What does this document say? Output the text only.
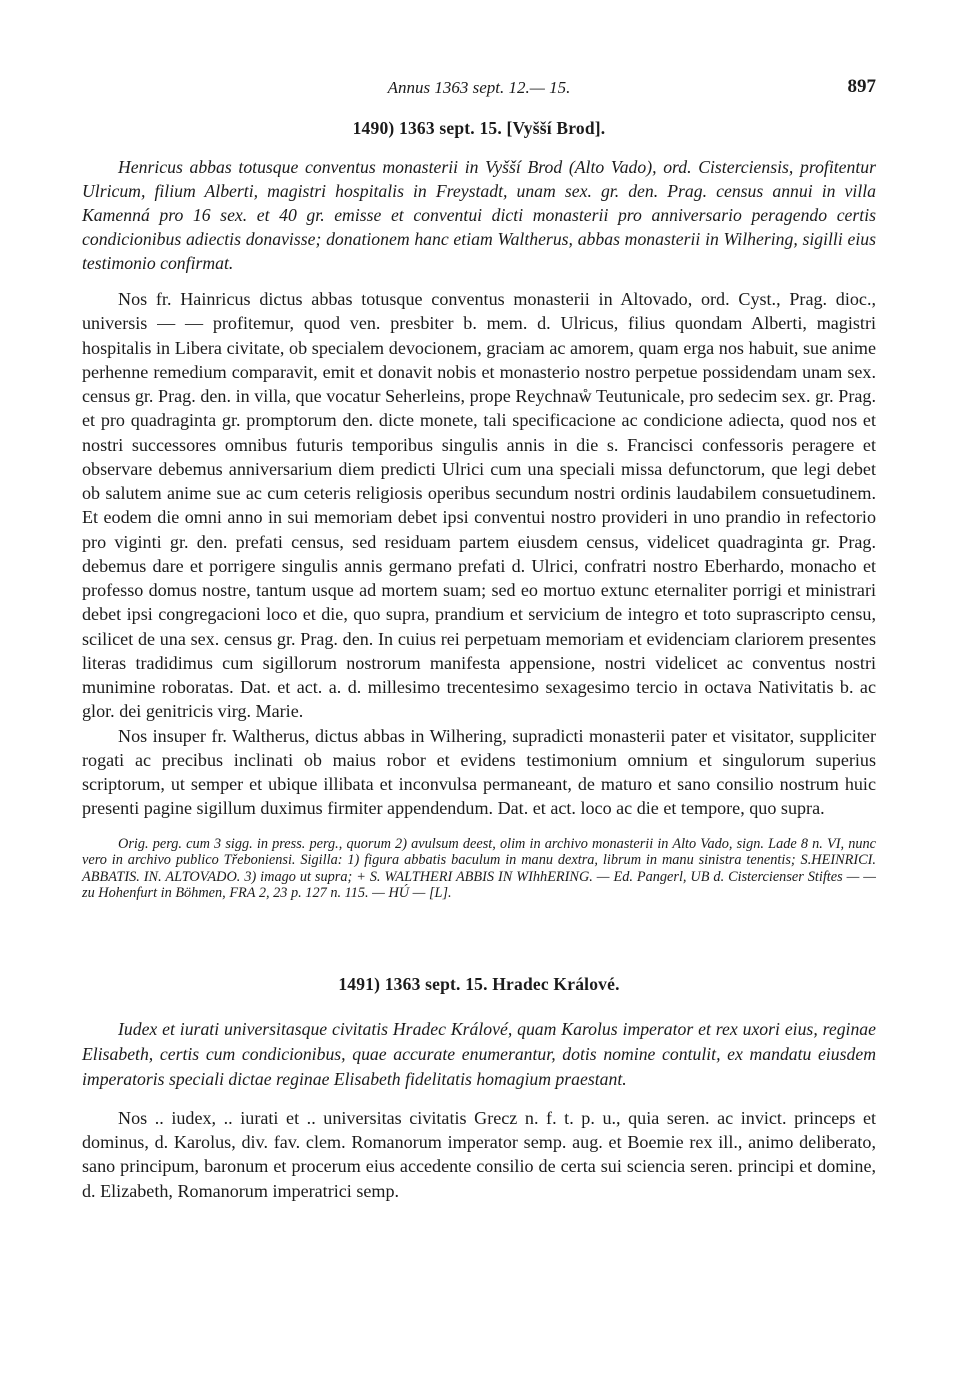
Annus 1363 sept. 12.— 15.	897
1490) 1363 sept. 15. [Vyšší Brod].

Henricus abbas totusque conventus monasterii in Vyšší Brod (Alto Vado), ord. Cisterciensis, profitentur Ulricum, filium Alberti, magistri hospitalis in Freystadt, unam sex. gr. den. Prag. census annui in villa Kamenná pro 16 sex. et 40 gr. emisse et conventui dicti monasterii pro anniversario peragendo certis condicionibus adiectis donavisse; donationem hanc etiam Waltherus, abbas monasterii in Wilhering, sigilli eius testimonio confirmat.

Nos fr. Hainricus dictus abbas totusque conventus monasterii in Altovado, ord. Cyst., Prag. dioc., universis — — profitemur, quod ven. presbiter b. mem. d. Ulricus, filius quondam Alberti, magistri hospitalis in Libera civitate, ob specialem devocionem, graciam ac amorem, quam erga nos habuit, sue anime perhenne remedium comparavit, emit et donavit nobis et monasterio nostro perpetue possidendam unam sex. census gr. Prag. den. in villa, que vocatur Seherleins, prope Reychnaẘ Teutunicale, pro sedecim sex. gr. Prag. et pro quadraginta gr. promptorum den. dicte monete, tali specificacione ac condicione adiecta, quod nos et nostri successores omnibus futuris temporibus singulis annis in die s. Francisci confessoris peragere et observare debemus anniversarium diem predicti Ulrici cum una speciali missa defunctorum, que legi debet ob salutem anime sue ac cum ceteris religiosis operibus secundum nostri ordinis laudabilem consuetudinem. Et eodem die omni anno in sui memoriam debet ipsi conventui nostro provideri in uno prandio in refectorio pro viginti gr. den. prefati census, sed residuam partem eiusdem census, videlicet quadraginta gr. Prag. debemus dare et porrigere singulis annis germano prefati d. Ulrici, confratri nostro Eberhardo, monacho et professo domus nostre, tantum usque ad mortem suam; sed eo mortuo extunc eternaliter porrigi et ministrari debet ipsi congregacioni loco et die, quo supra, prandium et servicium de integro et toto suprascripto censu, scilicet de una sex. census gr. Prag. den. In cuius rei perpetuam memoriam et evidenciam clariorem presentes literas tradidimus cum sigillorum nostrorum manifesta appensione, nostri videlicet ac conventus nostri munimine roboratas. Dat. et act. a. d. millesimo trecentesimo sexagesimo tercio in octava Nativitatis b. ac glor. dei genitricis virg. Marie.

Nos insuper fr. Waltherus, dictus abbas in Wilhering, supradicti monasterii pater et visitator, suppliciter rogati ac precibus inclinati ob maius robor et evidens testimonium omnium et singulorum superius scriptorum, ut semper et ubique illibata et inconvulsa permaneant, de maturo et sano consilio nostrum huic presenti pagine sigillum duximus firmiter appendendum. Dat. et act. loco ac die et tempore, quo supra.

Orig. perg. cum 3 sigg. in press. perg., quorum 2) avulsum deest, olim in archivo monasterii in Alto Vado, sign. Lade 8 n. VI, nunc vero in archivo publico Třeboniensi. Sigilla: 1) figura abbatis baculum in manu dextra, librum in manu sinistra tenentis; S.HEINRICI. ABBATIS. IN. ALTOVADO. 3) imago ut supra; + S. WALTHERI ABBIS IN WIhhERING. — Ed. Pangerl, UB d. Cistercienser Stiftes — — zu Hohenfurt in Böhmen, FRA 2, 23 p. 127 n. 115. — HÚ — [L].

1491) 1363 sept. 15. Hradec Králové.

Iudex et iurati universitasque civitatis Hradec Králové, quam Karolus imperator et rex uxori eius, reginae Elisabeth, certis cum condicionibus, quae accurate enumerantur, dotis nomine contulit, ex mandatu eiusdem imperatoris speciali dictae reginae Elisabeth fidelitatis homagium praestant.

Nos .. iudex, .. iurati et .. universitas civitatis Grecz n. f. t. p. u., quia seren. ac invict. princeps et dominus, d. Karolus, div. fav. clem. Romanorum imperator semp. aug. et Boemie rex ill., animo deliberato, sano principum, baronum et procerum eius accedente consilio de certa sui sciencia seren. principi et domine, d. Elizabeth, Romanorum imperatrici semp.
